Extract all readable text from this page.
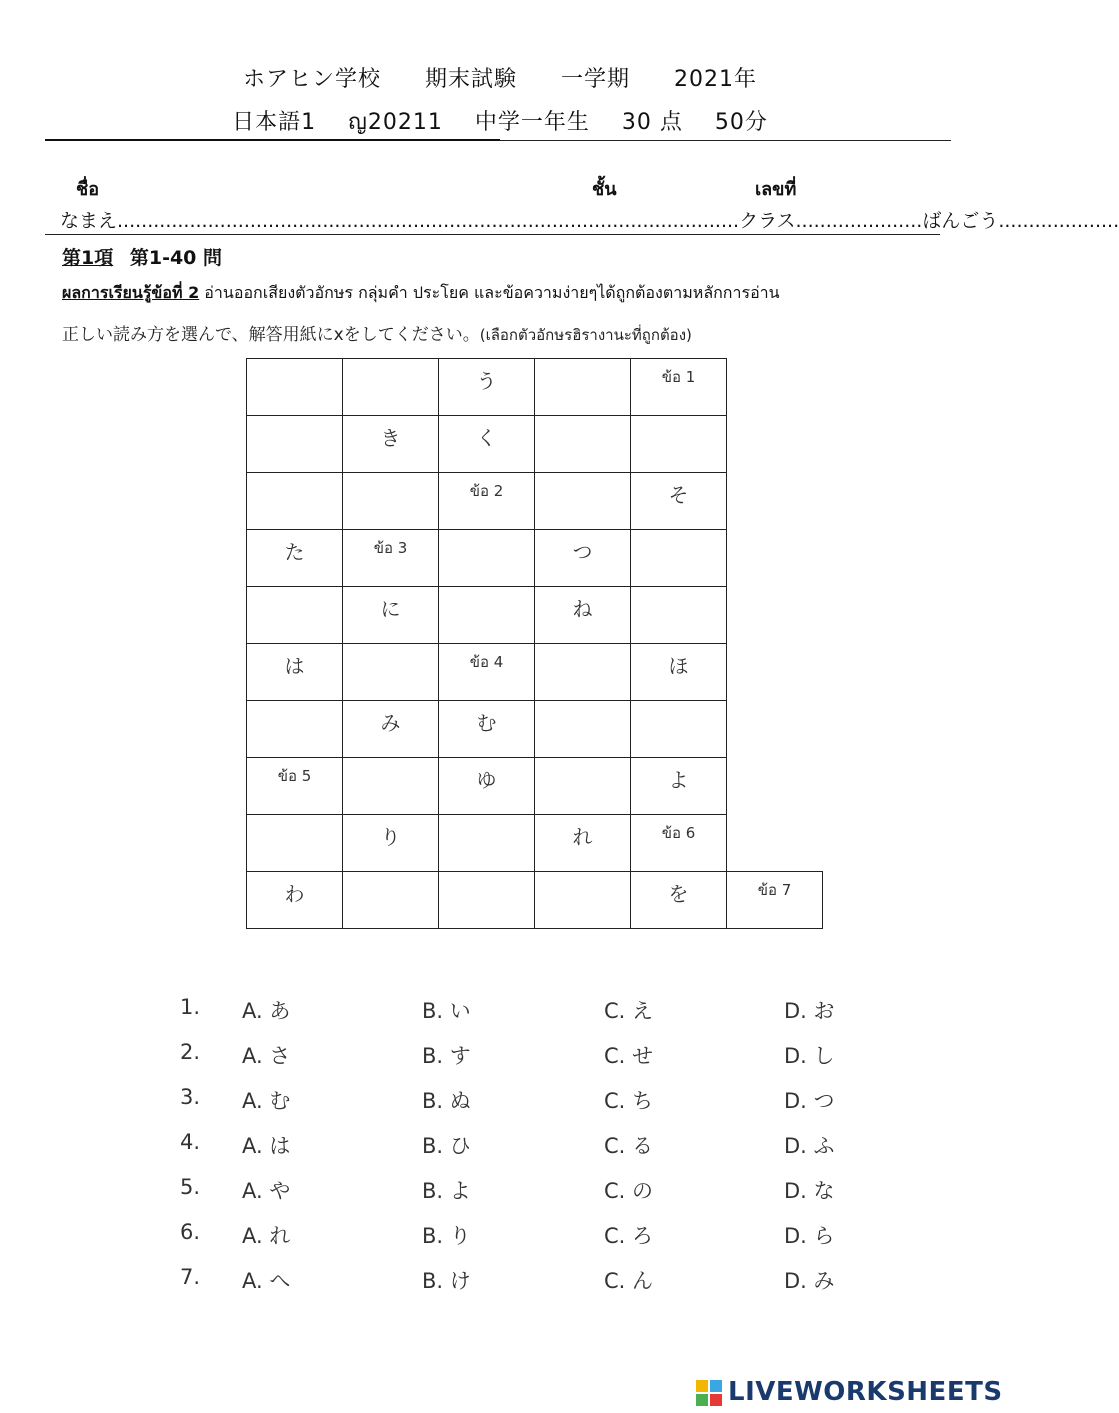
ホアヒン学校 期末試験 一学期 2021年
日本語1 ญ20211 中学一年生 30 点 50分
ชื่อ	ชั้น	เลขที่
なまえ.......................................................................................................クラス.....................ばんごう....................
第1項 第1-40 問
ผลการเรียนรู้ข้อที่ 2 อ่านออกเสียงตัวอักษร กลุ่มคำ ประโยค และข้อความง่ายๆได้ถูกต้องตามหลักการอ่าน
正しい読み方を選んで、解答用紙にxをしてください。(เลือกตัวอักษรฮิรางานะที่ถูกต้อง)
		う		ข้อ 1	
	き	く			
		ข้อ 2		そ	
た	ข้อ 3		つ		
	に		ね		
は		ข้อ 4		ほ	
	み	む			
ข้อ 5		ゆ		よ	
	り		れ	ข้อ 6	
わ				を	ข้อ 7
1. A. あ	B. い	C. え	D. お
2. A. さ	B. す	C. せ	D. し
3. A. む	B. ぬ	C. ち	D. つ
4. A. は	B. ひ	C. る	D. ふ
5. A. や	B. よ	C. の	D. な
6. A. れ	B. り	C. ろ	D. ら
7. A. へ	B. け	C. ん	D. み
LIVEWORKSHEETS
